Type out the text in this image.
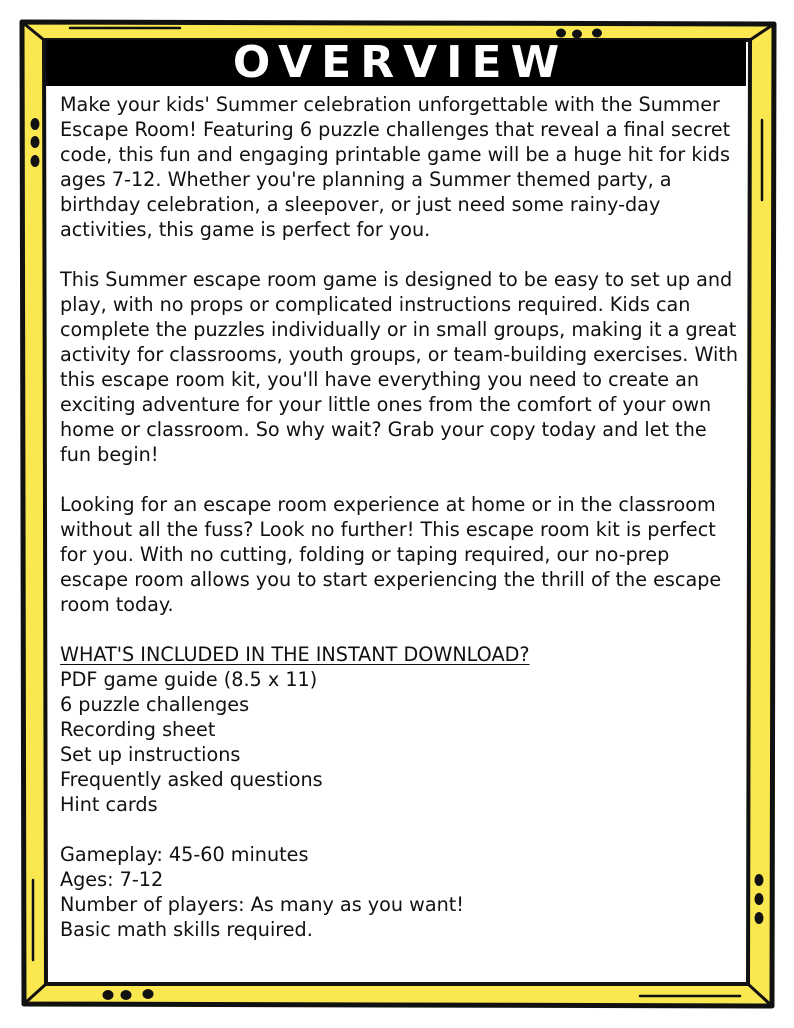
OVERVIEW

Make your kids' Summer celebration unforgettable with the Summer Escape Room! Featuring 6 puzzle challenges that reveal a final secret code, this fun and engaging printable game will be a huge hit for kids ages 7-12. Whether you're planning a Summer themed party, a birthday celebration, a sleepover, or just need some rainy-day activities, this game is perfect for you.

This Summer escape room game is designed to be easy to set up and play, with no props or complicated instructions required. Kids can complete the puzzles individually or in small groups, making it a great activity for classrooms, youth groups, or team-building exercises. With this escape room kit, you'll have everything you need to create an exciting adventure for your little ones from the comfort of your own home or classroom. So why wait? Grab your copy today and let the fun begin!

Looking for an escape room experience at home or in the classroom without all the fuss? Look no further! This escape room kit is perfect for you. With no cutting, folding or taping required, our no-prep escape room allows you to start experiencing the thrill of the escape room today.

WHAT'S INCLUDED IN THE INSTANT DOWNLOAD?

PDF game guide (8.5 x 11)
6 puzzle challenges
Recording sheet
Set up instructions
Frequently asked questions
Hint cards
Gameplay: 45-60 minutes
Ages: 7-12
Number of players: As many as you want!
Basic math skills required.
